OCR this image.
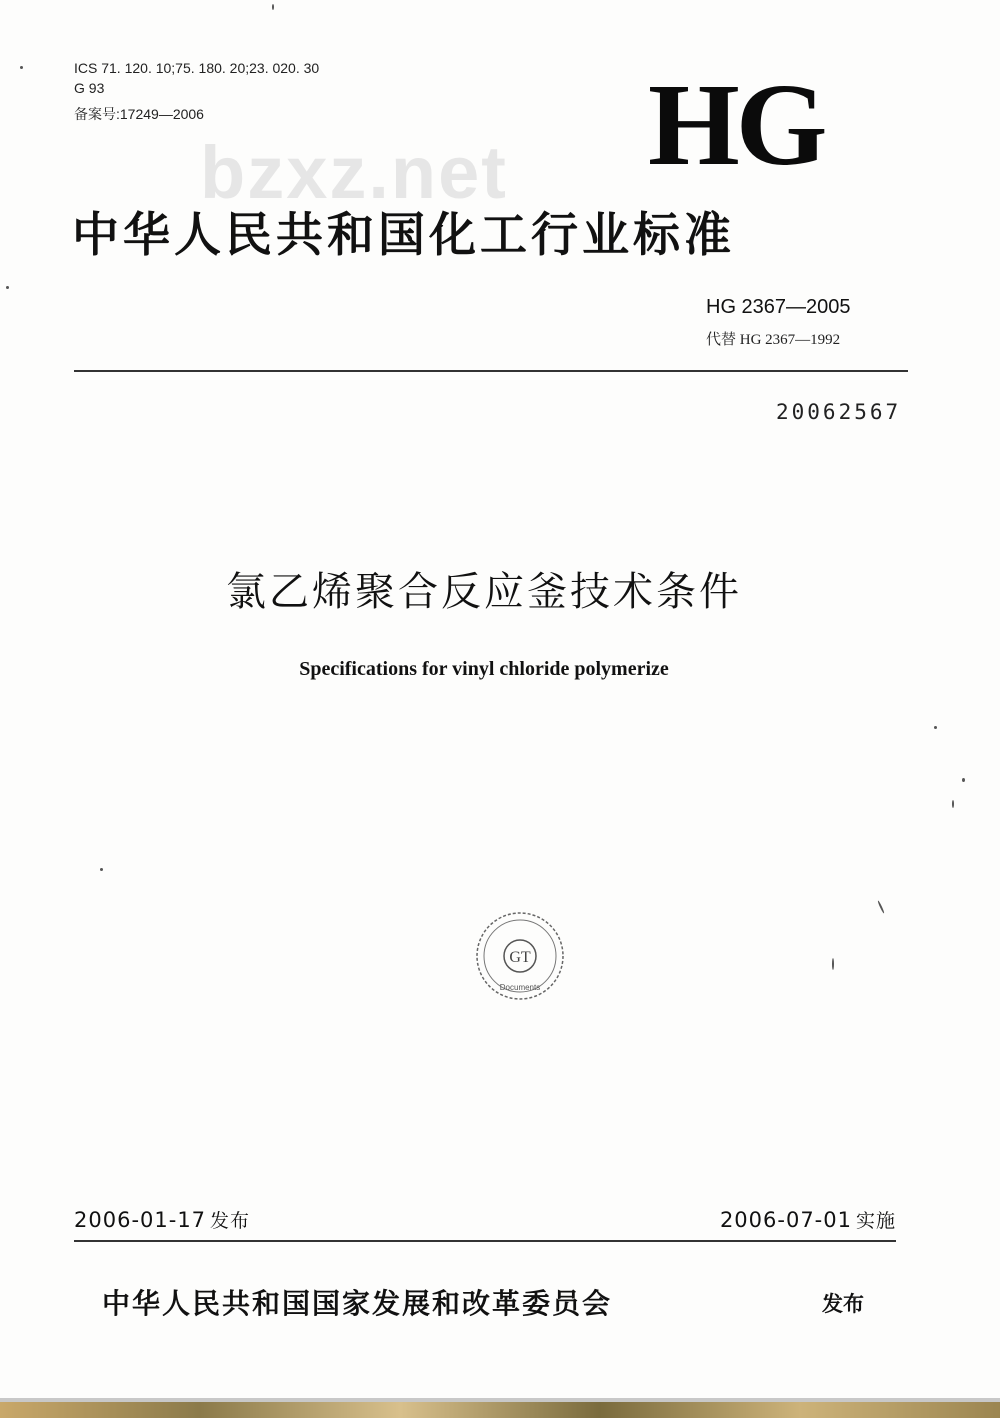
ICS 71. 120. 10;75. 180. 20;23. 020. 30
G 93
备案号:17249—2006
bzxz.net HG
中华人民共和国化工行业标准
HG 2367—2005
代替 HG 2367—1992
20062567
氯乙烯聚合反应釜技术条件
Specifications for vinyl chloride polymerize
GT
Documents
2006-01-17 发布	2006-07-01 实施
中华人民共和国国家发展和改革委员会	发布
